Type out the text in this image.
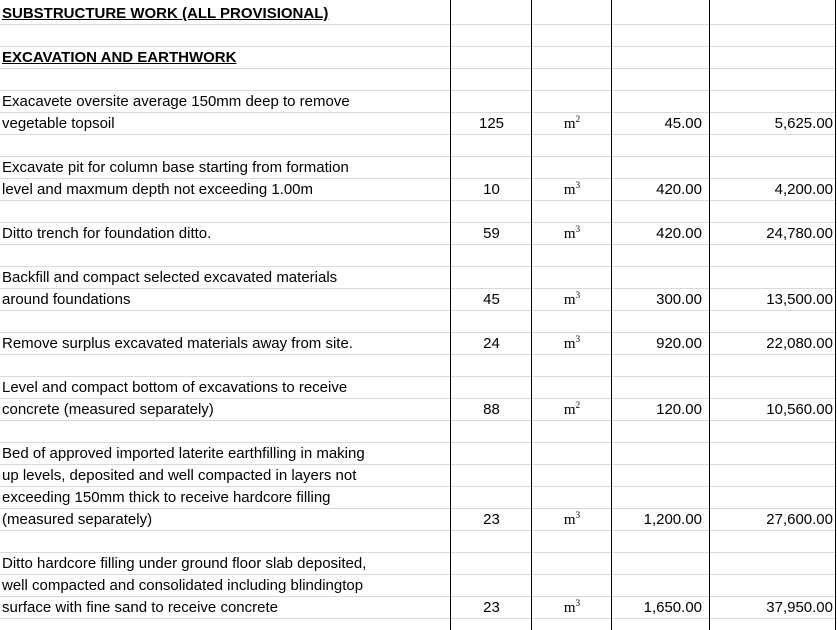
SUBSTRUCTURE WORK (ALL PROVISIONAL)
EXCAVATION AND EARTHWORK
Exacavete oversite average 150mm deep to remove
vegetable topsoil	125	$m^2$	45.00	5,625.00
Excavate pit for column base starting from formation
level and maxmum depth not exceeding 1.00m	10	$m^3$	420.00	4,200.00
Ditto trench for foundation ditto.	59	$m^3$	420.00	24,780.00
Backfill and compact selected excavated materials
around foundations	45	$m^3$	300.00	13,500.00
Remove surplus excavated materials away from site.	24	$m^3$	920.00	22,080.00
Level and compact bottom of excavations to receive
concrete (measured separately)	88	$m^2$	120.00	10,560.00
Bed of approved imported laterite earthfilling in making
up levels, deposited and well compacted in layers not
exceeding 150mm thick to receive hardcore filling
(measured separately)	23	$m^3$	1,200.00	27,600.00
Ditto hardcore filling under ground floor slab deposited,
well compacted and consolidated including blindingtop
surface with fine sand to receive concrete	23	$m^3$	1,650.00	37,950.00
